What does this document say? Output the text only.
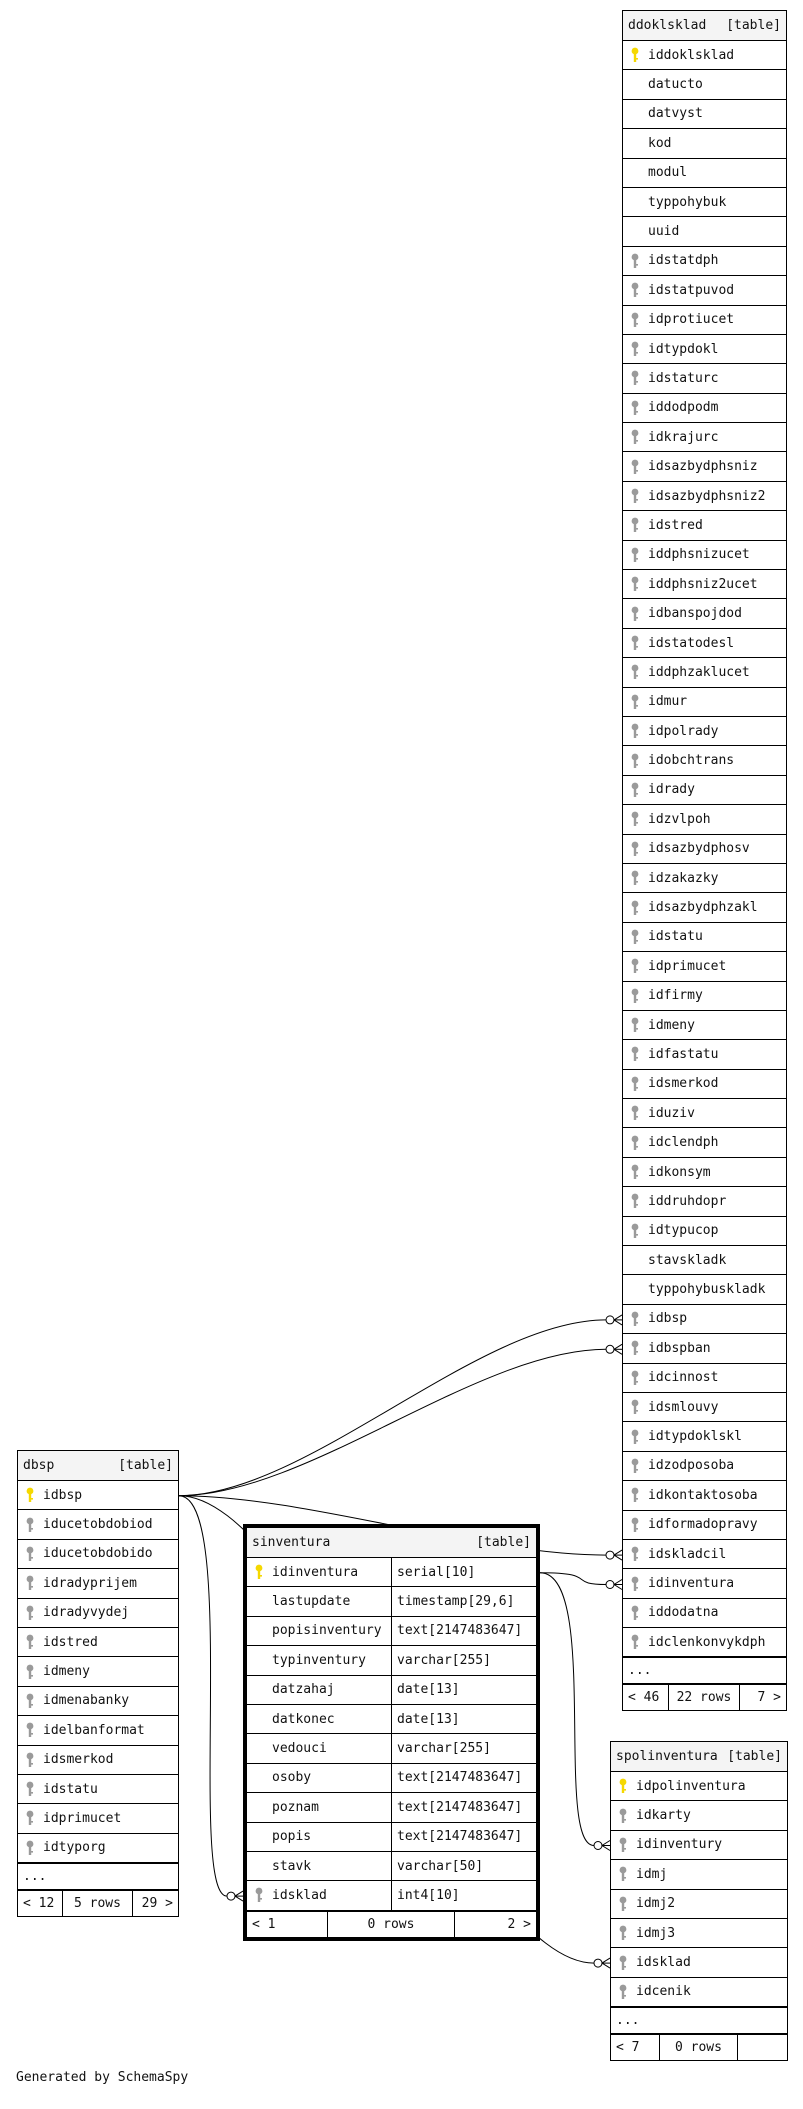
ddoklsklad [table]
iddoklsklad
datucto
datvyst
kod
modul
typpohybuk
uuid
idstatdph
idstatpuvod
idprotiucet
idtypdokl
idstaturc
iddodpodm
idkrajurc
idsazbydphsniz
idsazbydphsniz2
idstred
iddphsnizucet
iddphsniz2ucet
idbanspojdod
idstatodesl
iddphzaklucet
idmur
idpolrady
idobchtrans
idrady
idzvlpoh
idsazbydphosv
idzakazky
idsazbydphzakl
idstatu
idprimucet
idfirmy
idmeny
idfastatu
idsmerkod
iduziv
idclendph
idkonsym
iddruhdopr
idtypucop
stavskladk
typpohybuskladk
idbsp
idbspban
idcinnost
idsmlouvy
idtypdoklskl
idzodposoba
idkontaktosoba
idformadopravy
idskladcil
idinventura
iddodatna
idclenkonvykdph
...
< 46	22 rows	7 >
dbsp	[table]
idbsp
iducetobdobiod
iducetobdobido
idradyprijem
idradyvydej
idstred
idmeny
idmenabanky
idelbanformat
idsmerkod
idstatu
idprimucet
idtyporg
...
< 12	5 rows	29 >
sinventura	[table]
idinventura	serial[10]
lastupdate	timestamp[29,6]
popisinventury	text[2147483647]
typinventury	varchar[255]
datzahaj	date[13]
datkonec	date[13]
vedouci	varchar[255]
osoby	text[2147483647]
poznam	text[2147483647]
popis	text[2147483647]
stavk	varchar[50]
idsklad	int4[10]
< 1	0 rows	2 >
spolinventura [table]
idpolinventura
idkarty
idinventury
idmj
idmj2
idmj3
idsklad
idcenik
...
< 7	0 rows
Generated by SchemaSpy
